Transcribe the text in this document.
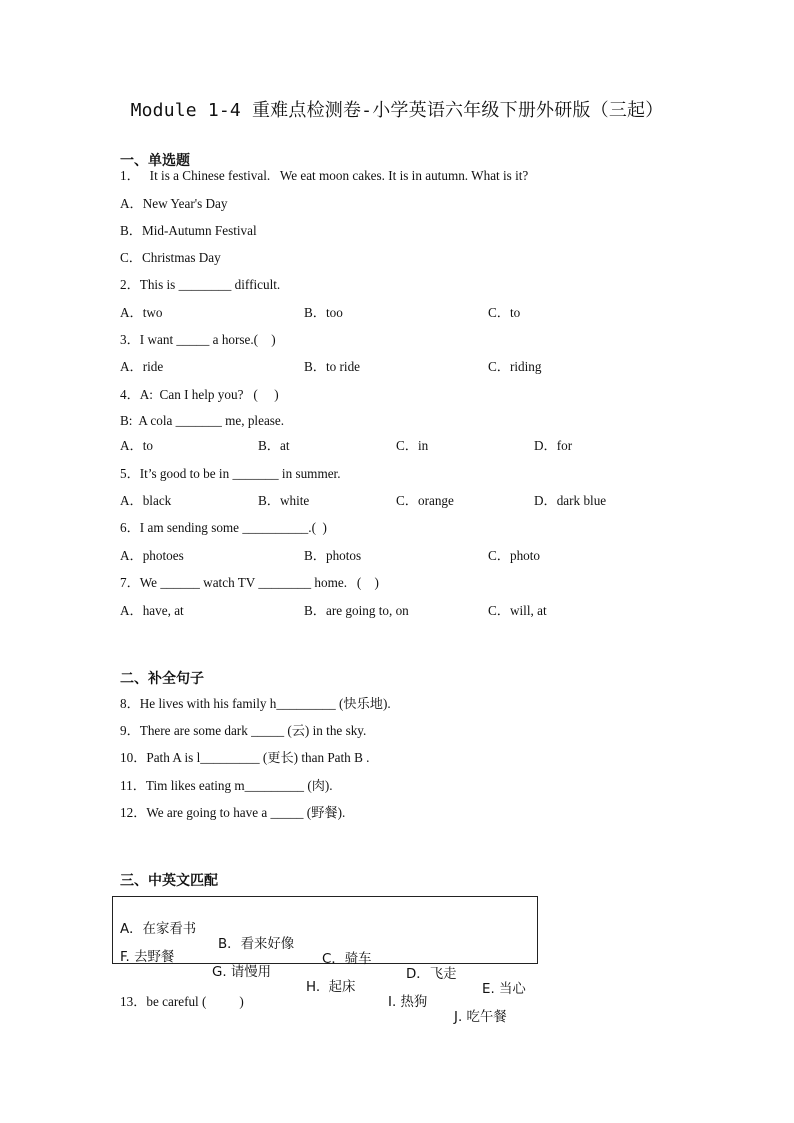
Module 1-4 重难点检测卷-小学英语六年级下册外研版（三起）
一、单选题
1．   It is a Chinese festival.   We eat moon cakes. It is in autumn. What is it?
A．New Year's Day
B．Mid-Autumn Festival
C．Christmas Day
2．This is ________ difficult.
A．two	B．too	C．to
3．I want _____ a horse.(    )
A．ride	B．to ride	C．riding
4．A:  Can I help you?   (     )
B:  A cola _______ me, please.
A．to	B．at	C．in	D．for
5．It’s good to be in _______ in summer.
A．black	B．white	C．orange	D．dark blue
6．I am sending some __________.(  )
A．photoes	B．photos	C．photo
7．We ______ watch TV ________ home.   (    )
A．have, at	B．are going to, on	C．will, at
二、补全句子
8．He lives with his family h_________ (快乐地).
9．There are some dark _____ (云) in the sky.
10．Path A is l_________ (更长) than Path B .
11．Tim likes eating m_________ (肉).
12．We are going to have a _____ (野餐).
三、中英文匹配

A．在家看书

B．看来好像

C．骑车

D．飞走

E. 当心

F. 去野餐

G. 请慢用

H.  起床

I. 热狗

J. 吃午餐

13．be careful (          )
